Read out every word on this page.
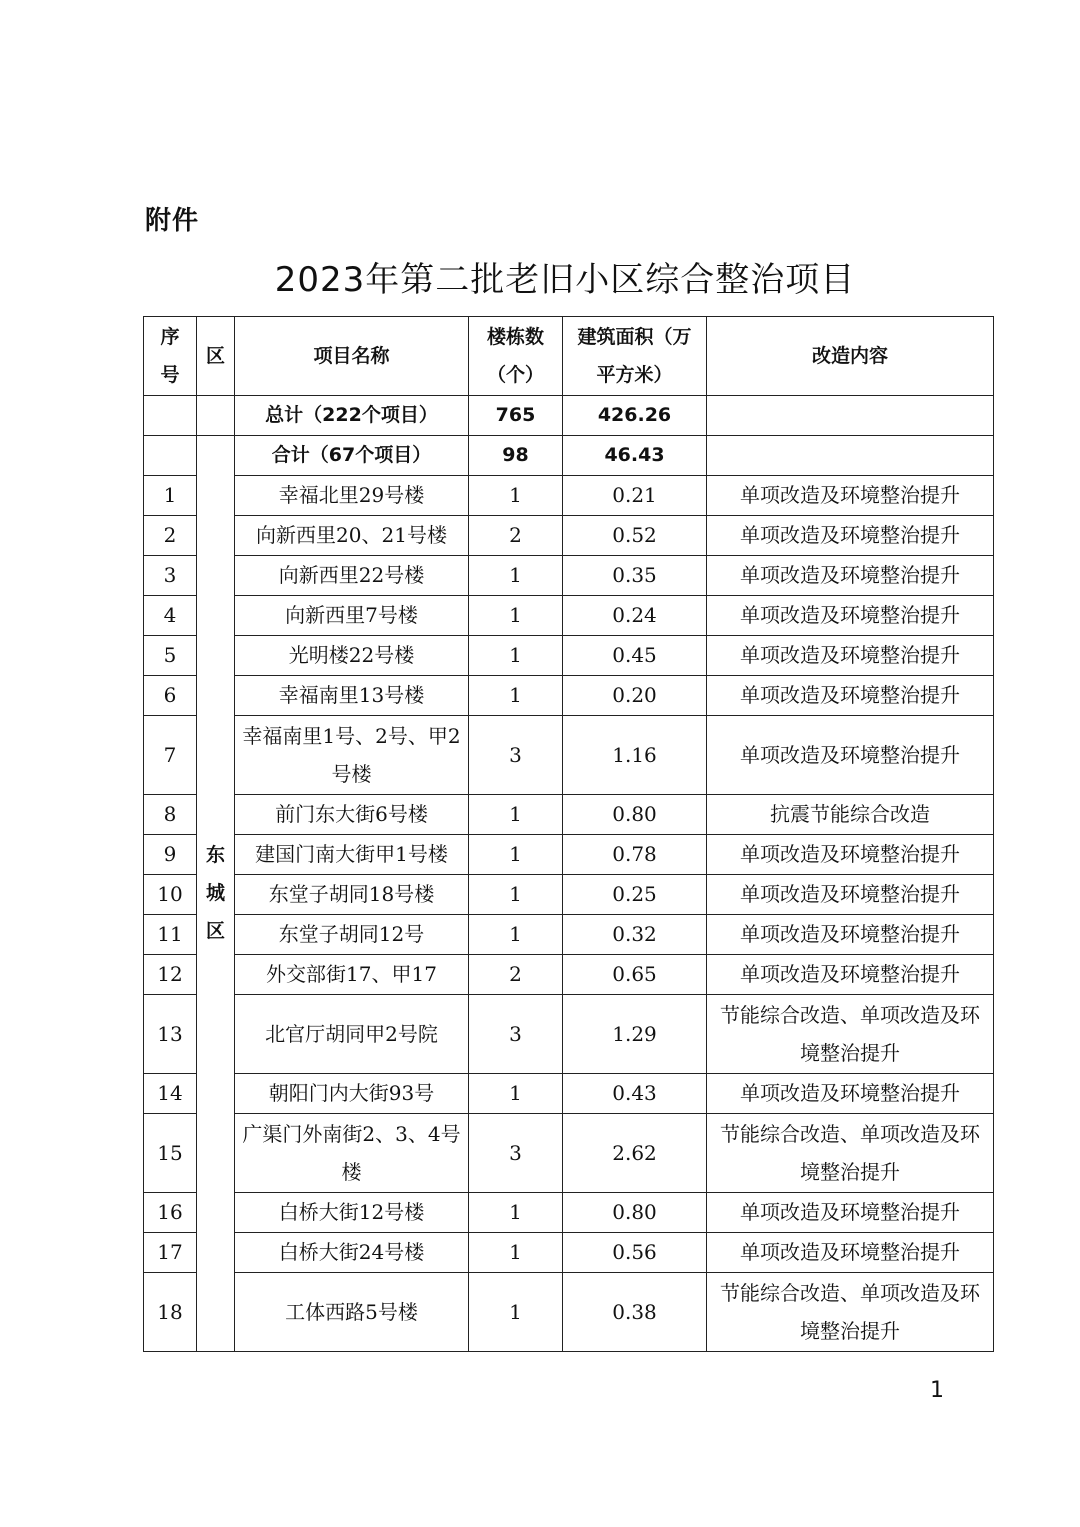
附件
2023年第二批老旧小区综合整治项目
序号	区	项目名称	楼栋数（个）	建筑面积（万平方米）	改造内容
		总计（222个项目）	765	426.26	
	东城区	合计（67个项目）	98	46.43	
1		幸福北里29号楼	1	0.21	单项改造及环境整治提升
2		向新西里20、21号楼	2	0.52	单项改造及环境整治提升
3		向新西里22号楼	1	0.35	单项改造及环境整治提升
4		向新西里7号楼	1	0.24	单项改造及环境整治提升
5		光明楼22号楼	1	0.45	单项改造及环境整治提升
6		幸福南里13号楼	1	0.20	单项改造及环境整治提升
7		幸福南里1号、2号、甲2号楼	3	1.16	单项改造及环境整治提升
8		前门东大街6号楼	1	0.80	抗震节能综合改造
9		建国门南大街甲1号楼	1	0.78	单项改造及环境整治提升
10		东堂子胡同18号楼	1	0.25	单项改造及环境整治提升
11		东堂子胡同12号	1	0.32	单项改造及环境整治提升
12		外交部街17、甲17	2	0.65	单项改造及环境整治提升
13		北官厅胡同甲2号院	3	1.29	节能综合改造、单项改造及环境整治提升
14		朝阳门内大街93号	1	0.43	单项改造及环境整治提升
15		广渠门外南街2、3、4号楼	3	2.62	节能综合改造、单项改造及环境整治提升
16		白桥大街12号楼	1	0.80	单项改造及环境整治提升
17		白桥大街24号楼	1	0.56	单项改造及环境整治提升
18		工体西路5号楼	1	0.38	节能综合改造、单项改造及环境整治提升
1
